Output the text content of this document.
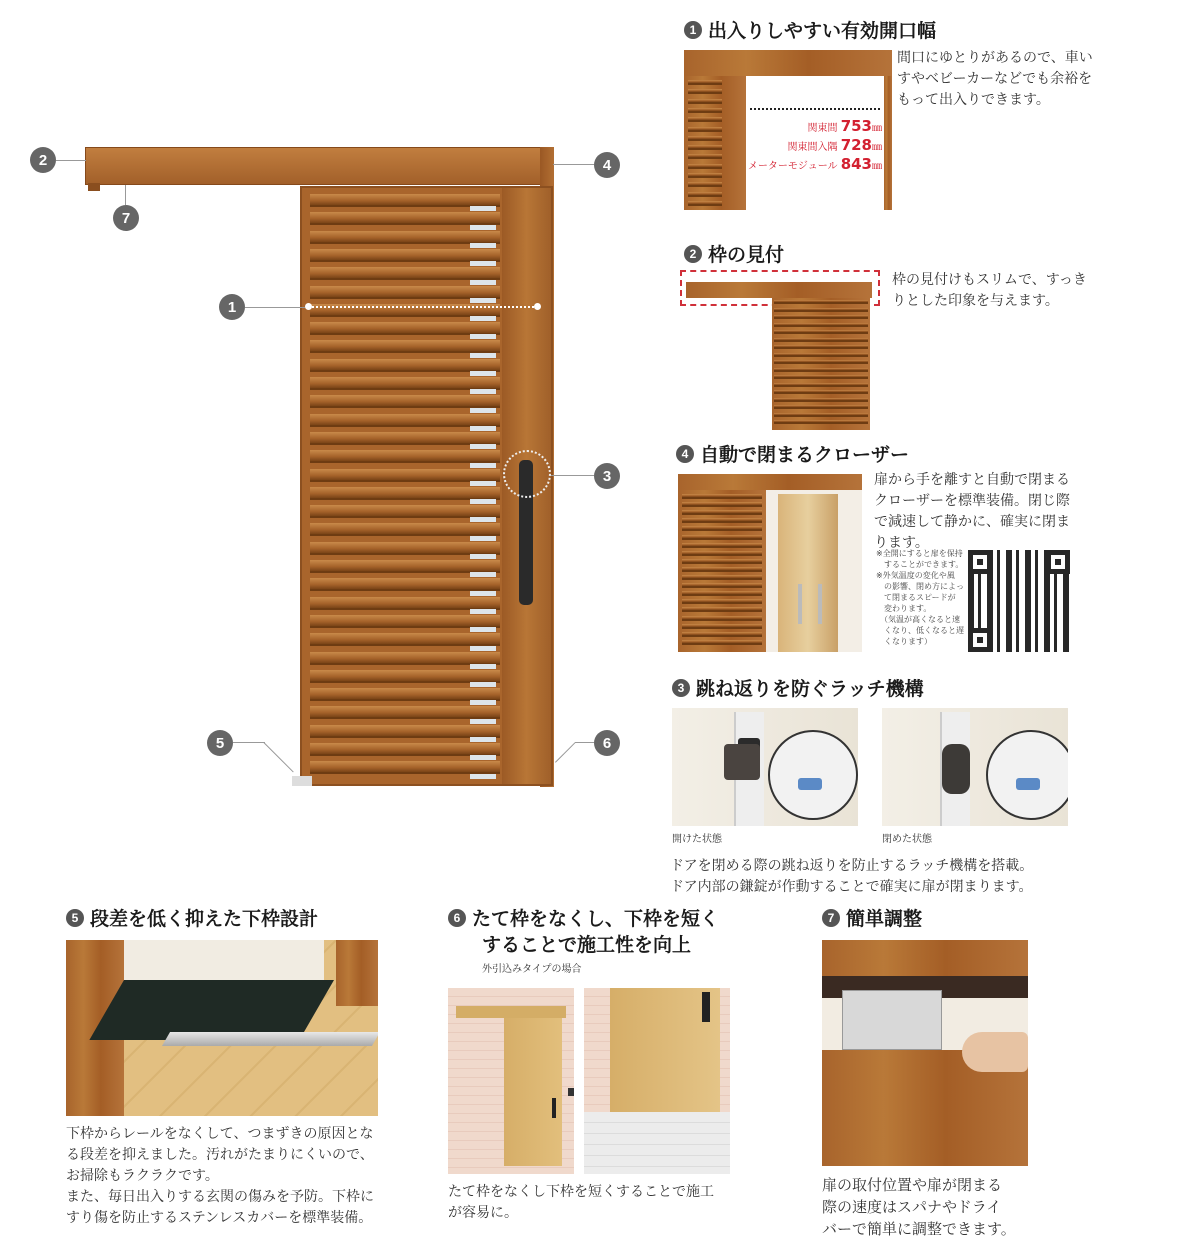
2
7
4
1
3
5	6
1 出入りしやすい有効開口幅
関東間 753㎜
関東間入隅 728㎜
メーターモジュール 843㎜
間口にゆとりがあるので、車い
すやベビーカーなどでも余裕を
もって出入りできます。
2 枠の見付
枠の見付けもスリムで、すっき
りとした印象を与えます。
4 自動で閉まるクローザー
扉から手を離すと自動で閉まる
クローザーを標準装備。閉じ際
で減速して静かに、確実に閉ま
ります。
※全開にすると扉を保持
　することができます。
※外気温度の変化や風
　の影響、閉め方によっ
　て閉まるスピードが
　変わります。
　（気温が高くなると速
　くなり、低くなると遅
　くなります）
3 跳ね返りを防ぐラッチ機構
開けた状態	閉めた状態
ドアを閉める際の跳ね返りを防止するラッチ機構を搭載。
ドア内部の鎌錠が作動することで確実に扉が閉まります。
5 段差を低く抑えた下枠設計
下枠からレールをなくして、つまずきの原因とな
る段差を抑えました。汚れがたまりにくいので、
お掃除もラクラクです。
また、毎日出入りする玄関の傷みを予防。下枠に
すり傷を防止するステンレスカバーを標準装備。
6 たて枠をなくし、下枠を短く
することで施工性を向上
外引込みタイプの場合
たて枠をなくし下枠を短くすることで施工
が容易に。
7 簡単調整
扉の取付位置や扉が閉まる
際の速度はスパナやドライ
バーで簡単に調整できます。
